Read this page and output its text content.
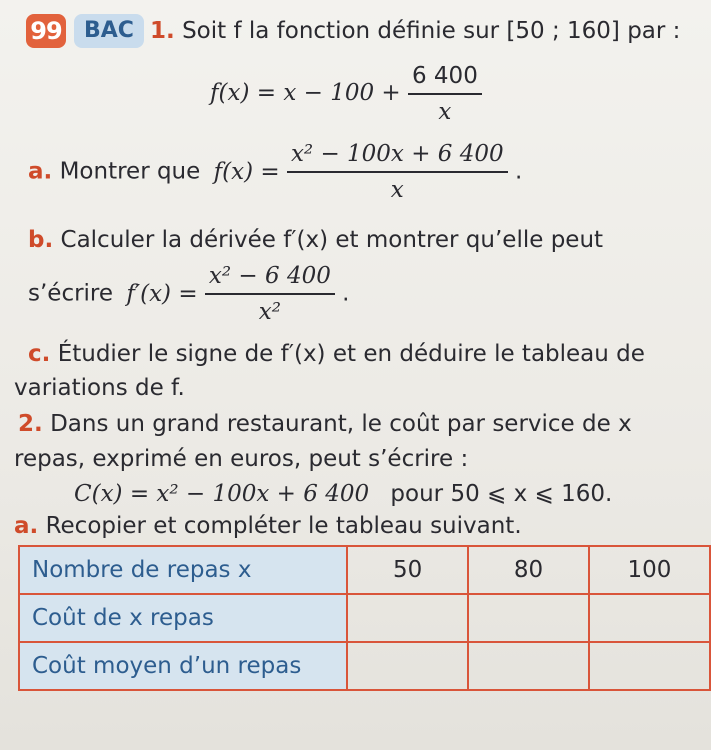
99	BAC 1. Soit f la fonction définie sur [50 ; 160] par :
$f(x) = x - 100 + \frac{6 400}{x}$
a. Montrer que $f(x) = \frac{\text{x² − 100x + 6 400}}{x}$ .
b. Calculer la dérivée f′(x) et montrer qu’elle peut
s’écrire $f'(x) = \frac{\text{x² − 6 400}}{\text{x²}}$ .
c. Étudier le signe de f′(x) et en déduire le tableau de
variations de f.
2. Dans un grand restaurant, le coût par service de x
repas, exprimé en euros, peut s’écrire :
C(x) = x² − 100x + 6 400 pour 50 ⩽ x ⩽ 160.
a. Recopier et compléter le tableau suivant.
Nombre de repas x	50	80	100
Coût de x repas			
Coût moyen d’un repas			
